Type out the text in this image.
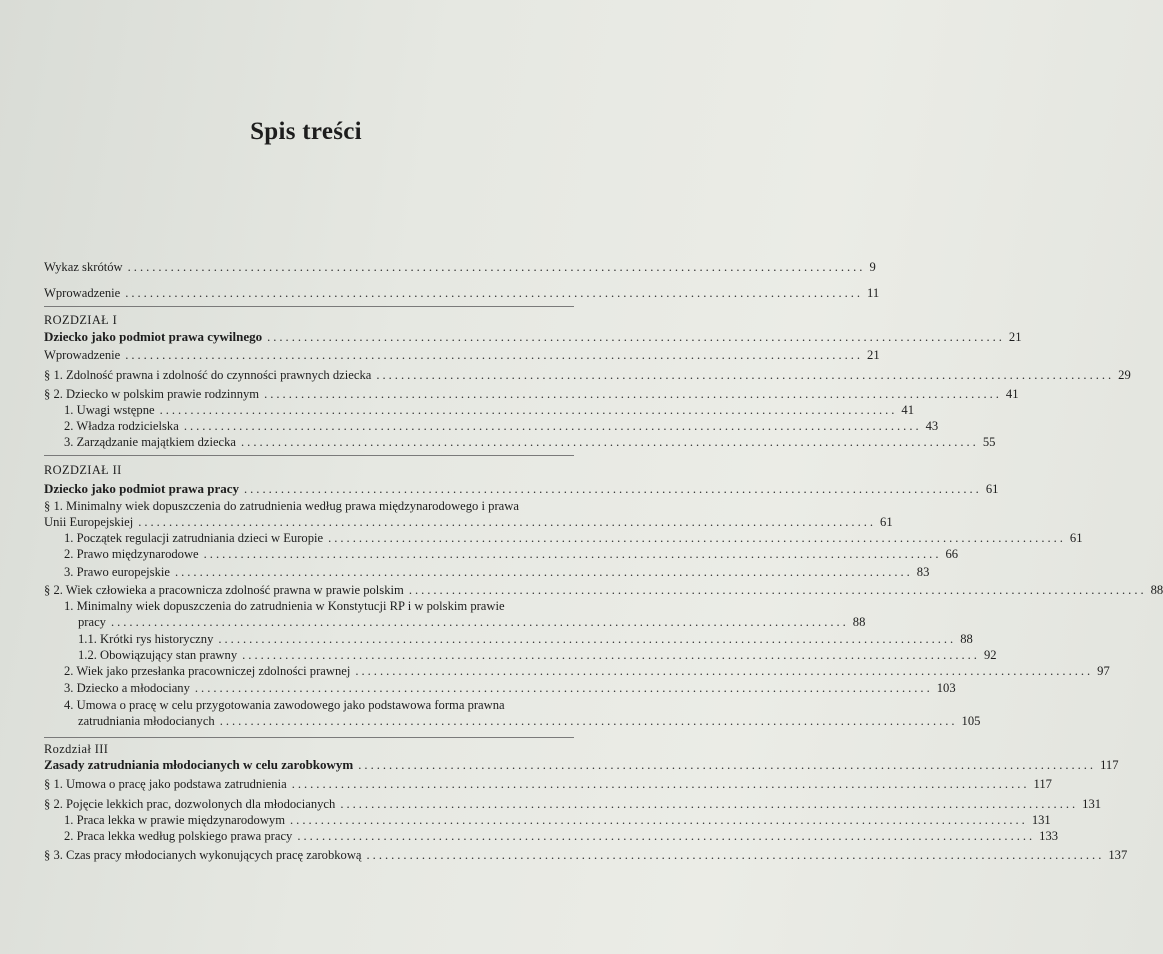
Spis treści
Wykaz skrótów ........................................................................................................................ 9
Wprowadzenie ........................................................................................................................ 11
ROZDZIAŁ I
Dziecko jako podmiot prawa cywilnego ........................................................................................................................ 21
Wprowadzenie ........................................................................................................................ 21
§ 1. Zdolność prawna i zdolność do czynności prawnych dziecka ........................................................................................................................ 29
§ 2. Dziecko w polskim prawie rodzinnym ........................................................................................................................ 41
1. Uwagi wstępne ........................................................................................................................ 41
2. Władza rodzicielska ........................................................................................................................ 43
3. Zarządzanie majątkiem dziecka ........................................................................................................................ 55
ROZDZIAŁ II
Dziecko jako podmiot prawa pracy ........................................................................................................................ 61
§ 1. Minimalny wiek dopuszczenia do zatrudnienia według prawa międzynarodowego i prawa
Unii Europejskiej ........................................................................................................................ 61
1. Początek regulacji zatrudniania dzieci w Europie ........................................................................................................................ 61
2. Prawo międzynarodowe ........................................................................................................................ 66
3. Prawo europejskie ........................................................................................................................ 83
§ 2. Wiek człowieka a pracownicza zdolność prawna w prawie polskim ........................................................................................................................ 88
1. Minimalny wiek dopuszczenia do zatrudnienia w Konstytucji RP i w polskim prawie
pracy ........................................................................................................................ 88
1.1. Krótki rys historyczny ........................................................................................................................ 88
1.2. Obowiązujący stan prawny ........................................................................................................................ 92
2. Wiek jako przesłanka pracowniczej zdolności prawnej ........................................................................................................................ 97
3. Dziecko a młodociany ........................................................................................................................ 103
4. Umowa o pracę w celu przygotowania zawodowego jako podstawowa forma prawna
zatrudniania młodocianych ........................................................................................................................ 105
Rozdział III
Zasady zatrudniania młodocianych w celu zarobkowym ........................................................................................................................ 117
§ 1. Umowa o pracę jako podstawa zatrudnienia ........................................................................................................................ 117
§ 2. Pojęcie lekkich prac, dozwolonych dla młodocianych ........................................................................................................................ 131
1. Praca lekka w prawie międzynarodowym ........................................................................................................................ 131
2. Praca lekka według polskiego prawa pracy ........................................................................................................................ 133
§ 3. Czas pracy młodocianych wykonujących pracę zarobkową ........................................................................................................................ 137
